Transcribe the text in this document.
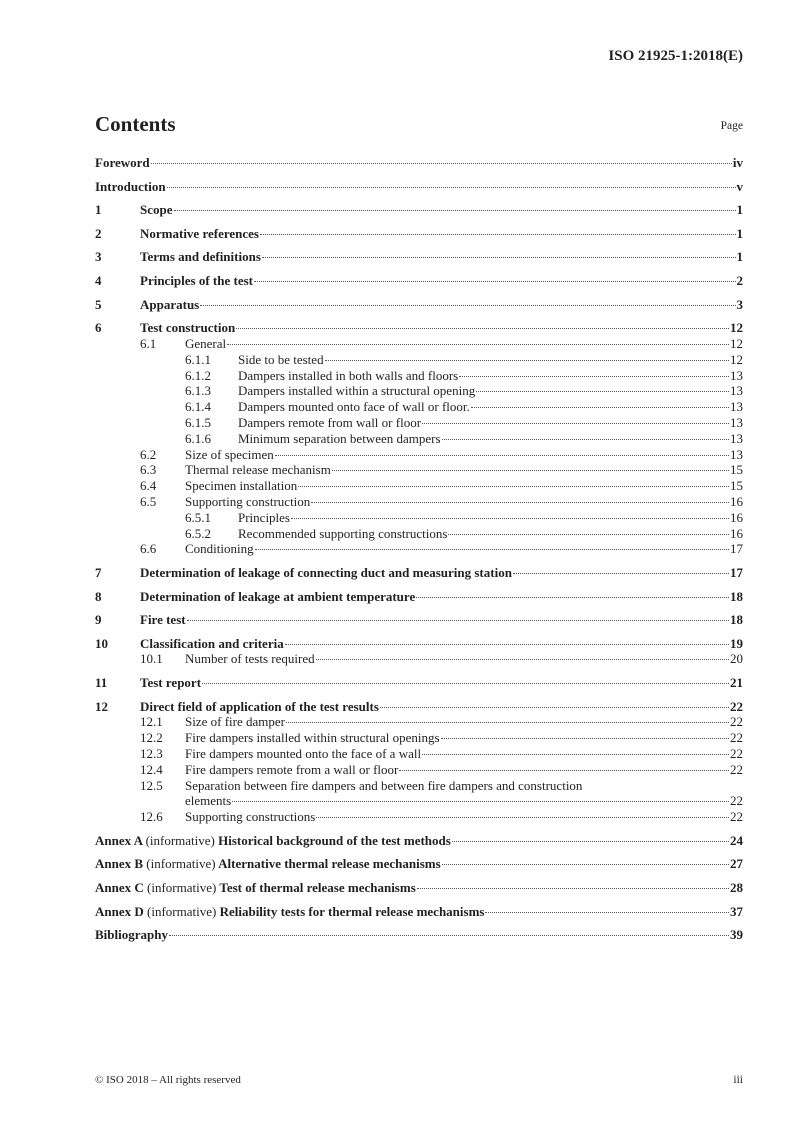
ISO 21925-1:2018(E)
Contents	Page
Foreword	iv
Introduction	v
1	Scope	1
2	Normative references	1
3	Terms and definitions	1
4	Principles of the test	2
5	Apparatus	3
6	Test construction	12
6.1	General	12
6.1.1	Side to be tested	12
6.1.2	Dampers installed in both walls and floors	13
6.1.3	Dampers installed within a structural opening	13
6.1.4	Dampers mounted onto face of wall or floor.	13
6.1.5	Dampers remote from wall or floor	13
6.1.6	Minimum separation between dampers	13
6.2	Size of specimen	13
6.3	Thermal release mechanism	15
6.4	Specimen installation	15
6.5	Supporting construction	16
6.5.1	Principles	16
6.5.2	Recommended supporting constructions	16
6.6	Conditioning	17
7	Determination of leakage of connecting duct and measuring station	17
8	Determination of leakage at ambient temperature	18
9	Fire test	18
10	Classification and criteria	19
10.1	Number of tests required	20
11	Test report	21
12	Direct field of application of the test results	22
12.1	Size of fire damper	22
12.2	Fire dampers installed within structural openings	22
12.3	Fire dampers mounted onto the face of a wall	22
12.4	Fire dampers remote from a wall or floor	22
12.5	Separation between fire dampers and between fire dampers and construction
elements	22
12.6	Supporting constructions	22
Annex A (informative) Historical background of the test methods	24
Annex B (informative) Alternative thermal release mechanisms	27
Annex C (informative) Test of thermal release mechanisms	28
Annex D (informative) Reliability tests for thermal release mechanisms	37
Bibliography	39
© ISO 2018 – All rights reserved	iii
